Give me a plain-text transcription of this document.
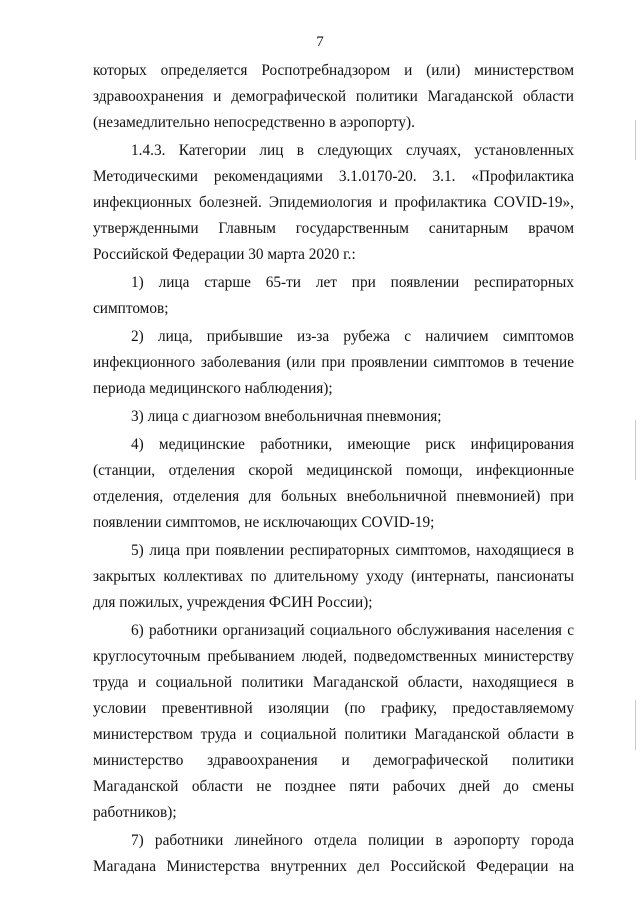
7

которых определяется Роспотребнадзором и (или) министерством здравоохранения и демографической политики Магаданской области (незамедлительно непосредственно в аэропорту).

1.4.3. Категории лиц в следующих случаях, установленных Методическими рекомендациями 3.1.0170-20. 3.1. «Профилактика инфекционных болезней. Эпидемиология и профилактика COVID-19», утвержденными Главным государственным санитарным врачом Российской Федерации 30 марта 2020 г.:

1) лица старше 65-ти лет при появлении респираторных симптомов;

2) лица, прибывшие из-за рубежа с наличием симптомов инфекционного заболевания (или при проявлении симптомов в течение периода медицинского наблюдения);

3) лица с диагнозом внебольничная пневмония;

4) медицинские работники, имеющие риск инфицирования (станции, отделения скорой медицинской помощи, инфекционные отделения, отделения для больных внебольничной пневмонией) при появлении симптомов, не исключающих COVID-19;

5) лица при появлении респираторных симптомов, находящиеся в закрытых коллективах по длительному уходу (интернаты, пансионаты для пожилых, учреждения ФСИН России);

6) работники организаций социального обслуживания населения с круглосуточным пребыванием людей, подведомственных министерству труда и социальной политики Магаданской области, находящиеся в условии превентивной изоляции (по графику, предоставляемому министерством труда и социальной политики Магаданской области в министерство здравоохранения и демографической политики Магаданской области не позднее пяти рабочих дней до смены работников);

7) работники линейного отдела полиции в аэропорту города Магадана Министерства внутренних дел Российской Федерации на
